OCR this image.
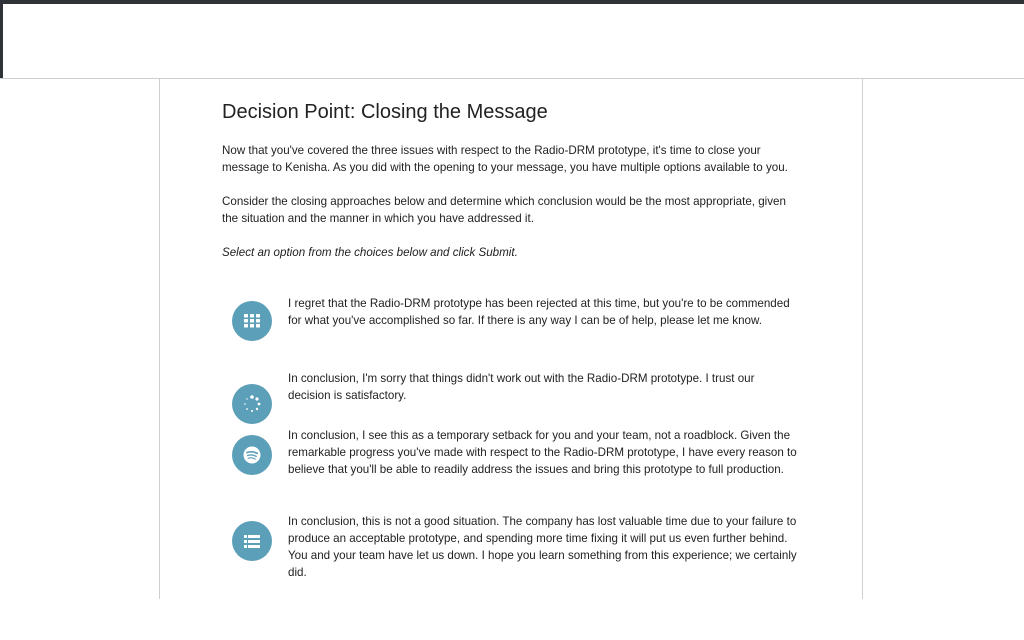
Decision Point: Closing the Message

Now that you've covered the three issues with respect to the Radio-DRM prototype, it's time to close your message to Kenisha. As you did with the opening to your message, you have multiple options available to you.

Consider the closing approaches below and determine which conclusion would be the most appropriate, given the situation and the manner in which you have addressed it.

Select an option from the choices below and click Submit.

I regret that the Radio-DRM prototype has been rejected at this time, but you're to be commended for what you've accomplished so far. If there is any way I can be of help, please let me know.
In conclusion, I'm sorry that things didn't work out with the Radio-DRM prototype. I trust our decision is satisfactory.
In conclusion, I see this as a temporary setback for you and your team, not a roadblock. Given the remarkable progress you've made with respect to the Radio-DRM prototype, I have every reason to believe that you'll be able to readily address the issues and bring this prototype to full production.
In conclusion, this is not a good situation. The company has lost valuable time due to your failure to produce an acceptable prototype, and spending more time fixing it will put us even further behind. You and your team have let us down. I hope you learn something from this experience; we certainly did.
